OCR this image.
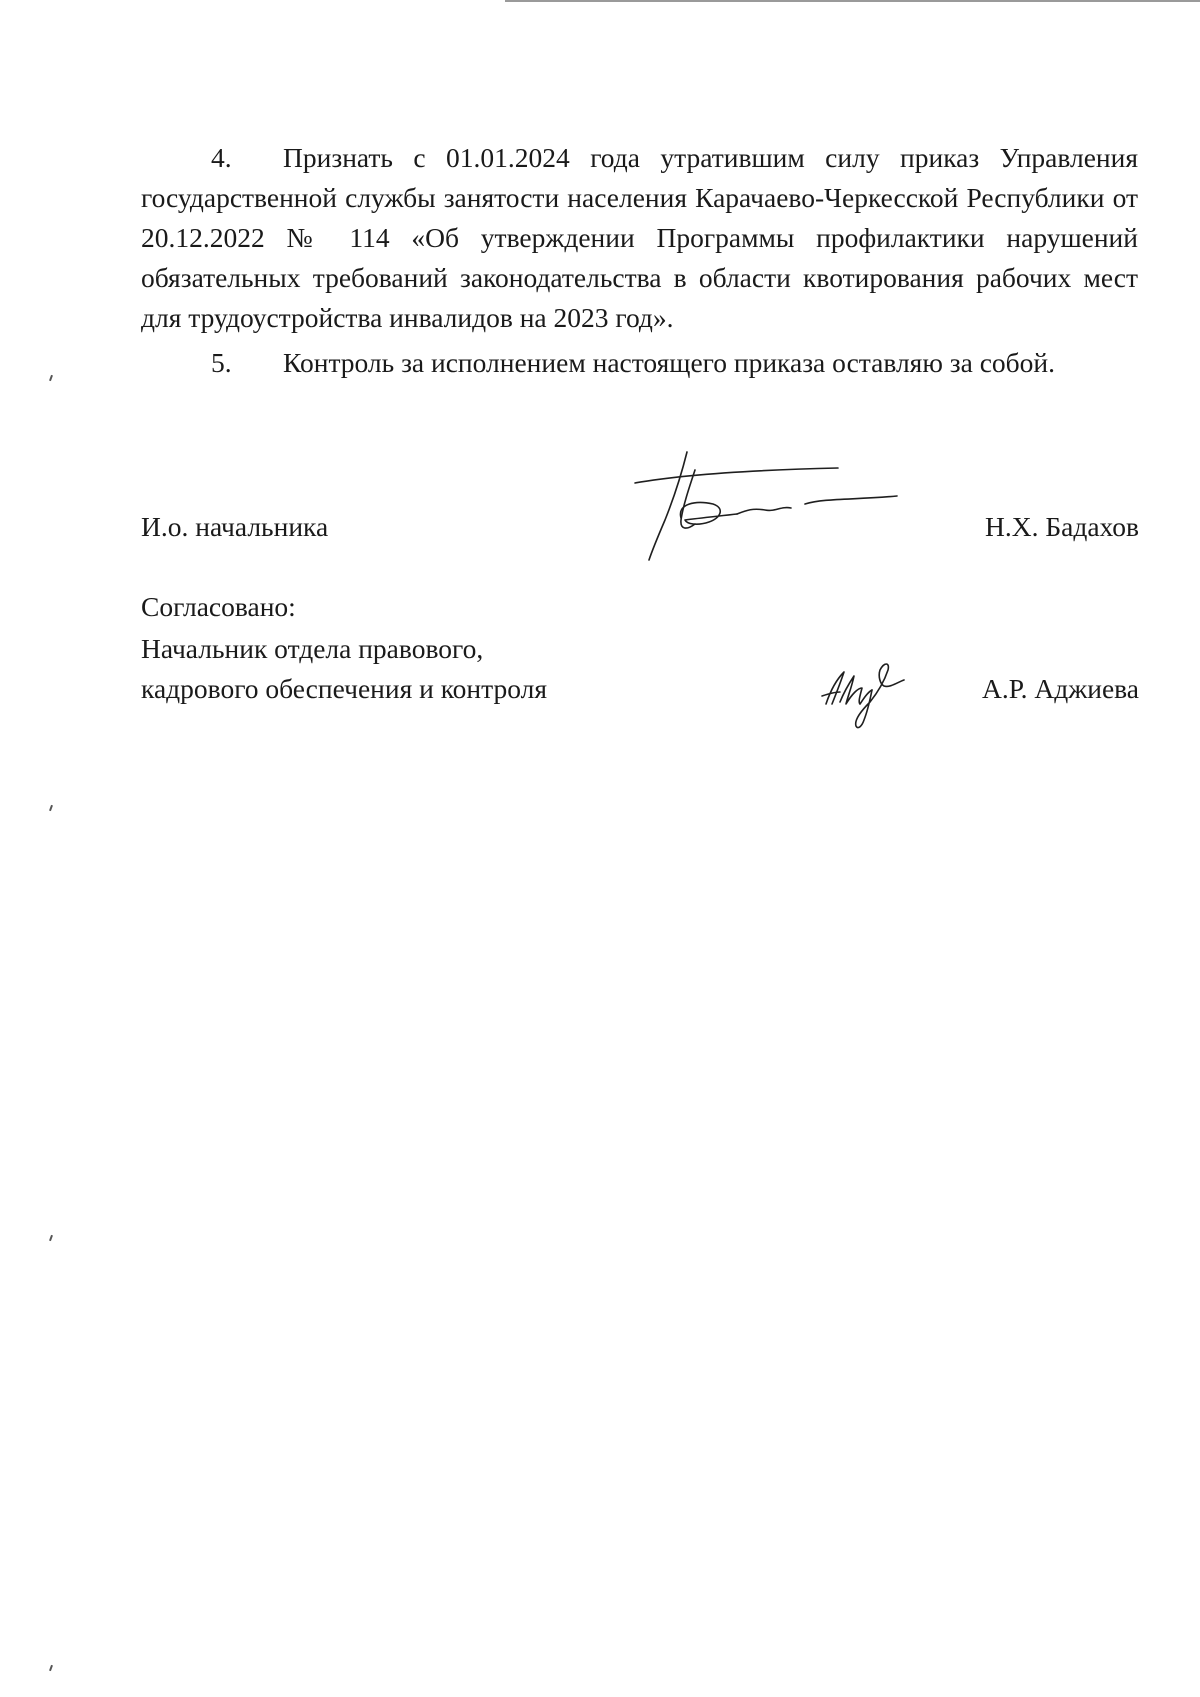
4. Признать с 01.01.2024 года утратившим силу приказ Управления государственной службы занятости населения Карачаево-Черкесской Республики от 20.12.2022 № 114 «Об утверждении Программы профилактики нарушений обязательных требований законодательства в области квотирования рабочих мест для трудоустройства инвалидов на 2023 год».

5. Контроль за исполнением настоящего приказа оставляю за собой.

И.о. начальника	Н.Х. Бадахов
Согласовано:
Начальник отдела правового,
кадрового обеспечения и контроля	А.Р. Аджиева
